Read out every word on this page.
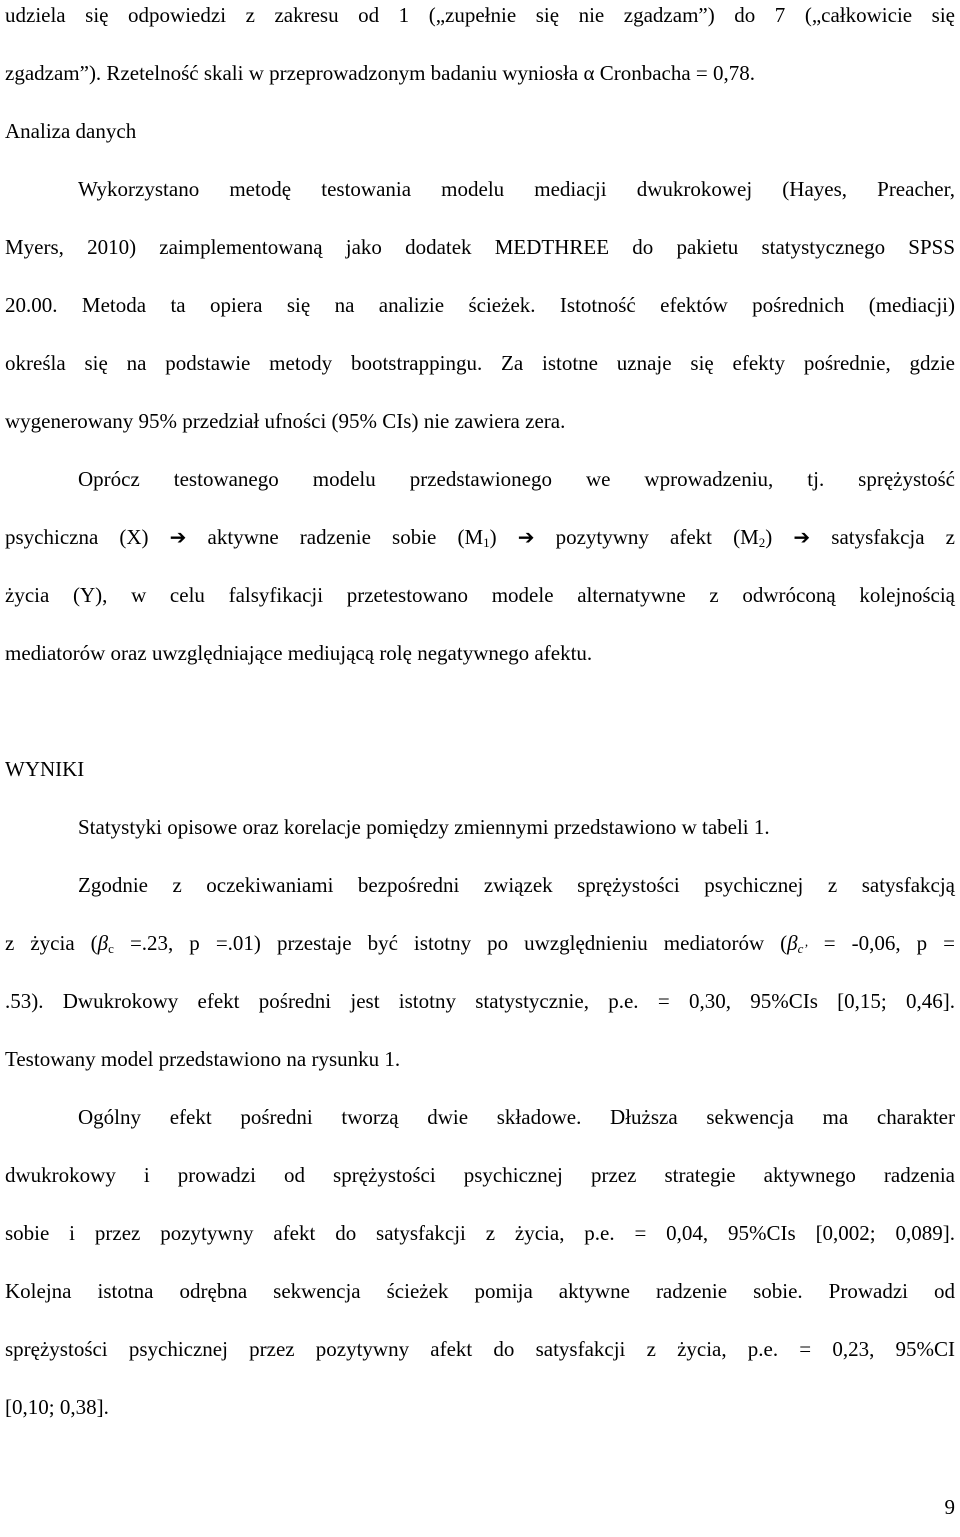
udziela się odpowiedzi z zakresu od 1 („zupełnie się nie zgadzam”) do 7 („całkowicie się
zgadzam”). Rzetelność skali w przeprowadzonym badaniu wyniosła α Cronbacha = 0,78.
Analiza danych
Wykorzystano metodę testowania modelu mediacji dwukrokowej (Hayes, Preacher,
Myers, 2010) zaimplementowaną jako dodatek MEDTHREE do pakietu statystycznego SPSS
20.00. Metoda ta opiera się na analizie ścieżek. Istotność efektów pośrednich (mediacji)
określa się na podstawie metody bootstrappingu. Za istotne uznaje się efekty pośrednie, gdzie
wygenerowany 95% przedział ufności (95% CIs) nie zawiera zera.
Oprócz testowanego modelu przedstawionego we wprowadzeniu, tj. sprężystość
psychiczna (X) ➔ aktywne radzenie sobie $(M_1)$ ➔ pozytywny afekt $(M_2)$ ➔ satysfakcja z
życia (Y), w celu falsyfikacji przetestowano modele alternatywne z odwróconą kolejnością
mediatorów oraz uwzględniające mediującą rolę negatywnego afektu.
WYNIKI
Statystyki opisowe oraz korelacje pomiędzy zmiennymi przedstawiono w tabeli 1.
Zgodnie z oczekiwaniami bezpośredni związek sprężystości psychicznej z satysfakcją
z życia ($\beta_c =.23$, p =.01) przestaje być istotny po uwzględnieniu mediatorów ($\beta_{c’} = -0,06$, p =
.53). Dwukrokowy efekt pośredni jest istotny statystycznie, p.e. = 0,30, 95%CIs [0,15; 0,46].
Testowany model przedstawiono na rysunku 1.
Ogólny efekt pośredni tworzą dwie składowe. Dłuższa sekwencja ma charakter
dwukrokowy i prowadzi od sprężystości psychicznej przez strategie aktywnego radzenia
sobie i przez pozytywny afekt do satysfakcji z życia, p.e. = 0,04, 95%CIs [0,002; 0,089].
Kolejna istotna odrębna sekwencja ścieżek pomija aktywne radzenie sobie. Prowadzi od
sprężystości psychicznej przez pozytywny afekt do satysfakcji z życia, p.e. = 0,23, 95%CI
[0,10; 0,38].
9
